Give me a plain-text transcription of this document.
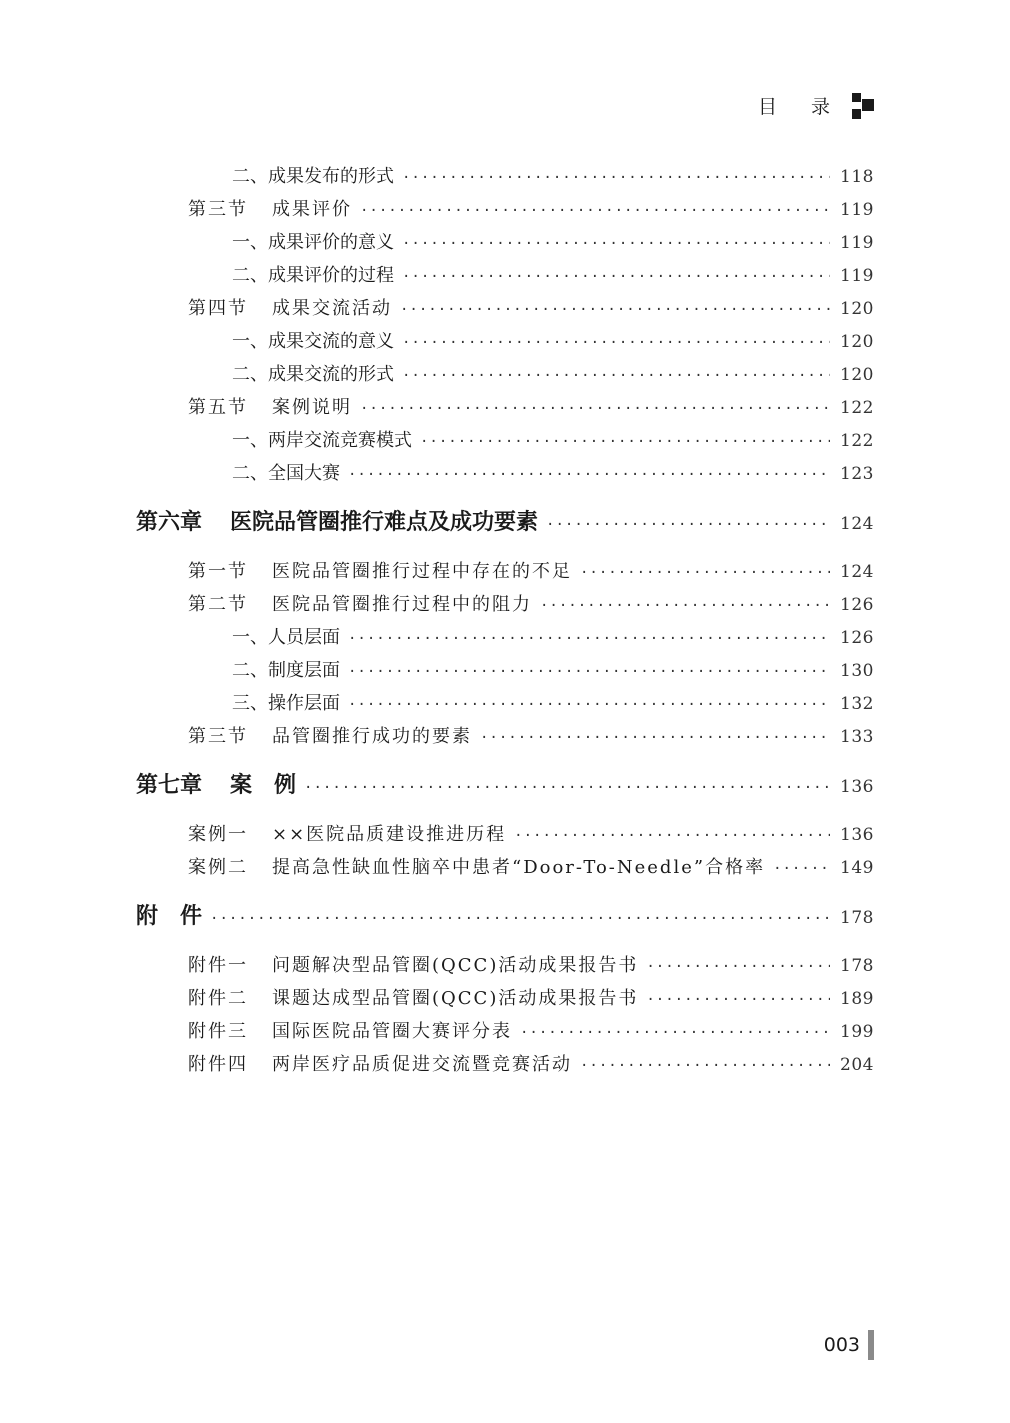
目 录
二、成果发布的形式 ·····	118
第三节 成果评价 ·····	119
一、成果评价的意义 ·····	119
二、成果评价的过程 ·····	119
第四节 成果交流活动 ·····	120
一、成果交流的意义 ·····	120
二、成果交流的形式 ·····	120
第五节 案例说明 ·····	122
一、两岸交流竞赛模式 ·····	122
二、全国大赛 ·····	123
第六章 医院品管圈推行难点及成功要素 ·····	124
第一节 医院品管圈推行过程中存在的不足 ·····	124
第二节 医院品管圈推行过程中的阻力 ·····	126
一、人员层面 ·····	126
二、制度层面 ·····	130
三、操作层面 ·····	132
第三节 品管圈推行成功的要素 ·····	133
第七章 案　例 ·····	136
案例一 ××医院品质建设推进历程 ·····	136
案例二 提高急性缺血性脑卒中患者“Door-To-Needle”合格率 ·····	149
附　件 ·····	178
附件一 问题解决型品管圈(QCC)活动成果报告书 ·····	178
附件二 课题达成型品管圈(QCC)活动成果报告书 ·····	189
附件三 国际医院品管圈大赛评分表 ·····	199
附件四 两岸医疗品质促进交流暨竞赛活动 ·····	204
003
